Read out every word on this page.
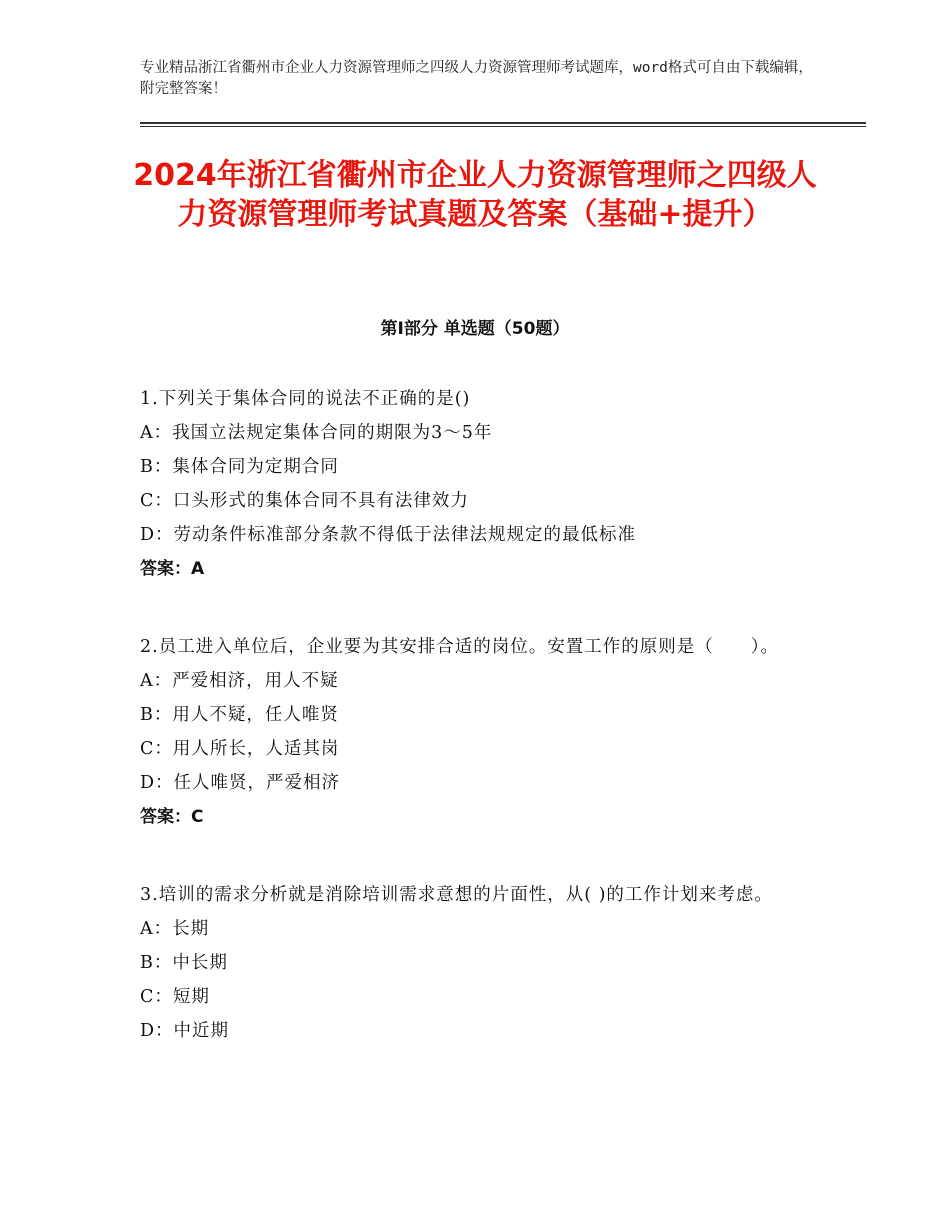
专业精品浙江省衢州市企业人力资源管理师之四级人力资源管理师考试题库，word格式可自由下载编辑，附完整答案！
2024年浙江省衢州市企业人力资源管理师之四级人力资源管理师考试真题及答案（基础+提升）
第Ⅰ部分 单选题（50题）

1.下列关于集体合同的说法不正确的是()

A：我国立法规定集体合同的期限为3～5年

B：集体合同为定期合同

C：口头形式的集体合同不具有法律效力

D：劳动条件标准部分条款不得低于法律法规规定的最低标准

答案：A

2.员工进入单位后，企业要为其安排合适的岗位。安置工作的原则是（　　）。

A：严爱相济，用人不疑

B：用人不疑，任人唯贤

C：用人所长，人适其岗

D：任人唯贤，严爱相济

答案：C

3.培训的需求分析就是消除培训需求意想的片面性，从( )的工作计划来考虑。

A：长期

B：中长期

C：短期

D：中近期
